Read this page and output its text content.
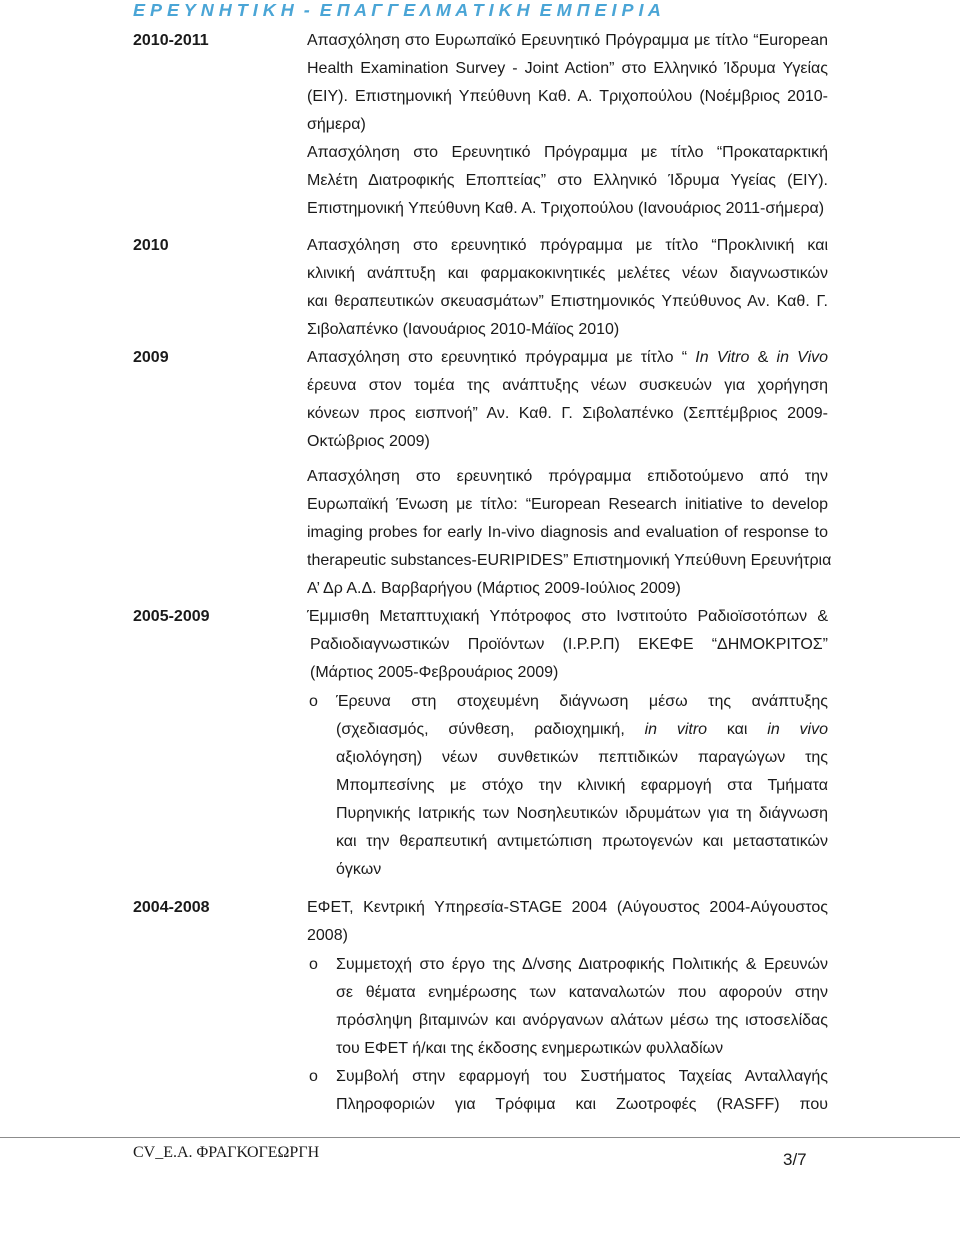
Ε Ρ Ε Υ Ν Η Τ Ι Κ Η  -  Ε Π Α Γ Γ Ε Λ Μ Α Τ Ι Κ Η  Ε Μ Π Ε Ι Ρ Ι Α
2010-2011	Απασχόληση στο Ευρωπαϊκό Ερευνητικό Πρόγραμμα με τίτλο “European
Health Examination Survey - Joint Action” στο Ελληνικό Ίδρυμα Υγείας
(ΕΙΥ). Επιστημονική Υπεύθυνη Καθ. Α. Τριχοπούλου (Νοέμβριος 2010-
σήμερα)
Απασχόληση στο Ερευνητικό Πρόγραμμα με τίτλο “Προκαταρκτική
Μελέτη Διατροφικής Εποπτείας” στο Ελληνικό Ίδρυμα Υγείας (ΕΙΥ).
Επιστημονική Υπεύθυνη Καθ. Α. Τριχοπούλου (Ιανουάριος 2011-σήμερα)
2010	Απασχόληση στο ερευνητικό πρόγραμμα με τίτλο “Προκλινική και
κλινική ανάπτυξη και φαρμακοκινητικές μελέτες νέων διαγνωστικών
και θεραπευτικών σκευασμάτων” Επιστημονικός Υπεύθυνος Αν. Καθ. Γ.
Σιβολαπένκο (Ιανουάριος 2010-Μάϊος 2010)
2009	Απασχόληση στο ερευνητικό πρόγραμμα με τίτλο “ In Vitro & in Vivo
έρευνα στον τομέα της ανάπτυξης νέων συσκευών για χορήγηση
κόνεων προς εισπνοή” Αν. Καθ. Γ. Σιβολαπένκο (Σεπτέμβριος 2009-
Οκτώβριος 2009)
Απασχόληση στο ερευνητικό πρόγραμμα επιδοτούμενο από την
Ευρωπαϊκή Ένωση με τίτλο: “European Research initiative to develop
imaging probes for early In-vivo diagnosis and evaluation of response to
therapeutic substances-EURIPIDES” Επιστημονική Υπεύθυνη Ερευνήτρια
Α’ Δρ Α.Δ. Βαρβαρήγου (Μάρτιος 2009-Ιούλιος 2009)
2005-2009	Έμμισθη Μεταπτυχιακή Υπότροφος στο Ινστιτούτο Ραδιοϊσοτόπων &
Ραδιοδιαγνωστικών Προϊόντων (Ι.Ρ.Ρ.Π) ΕΚΕΦΕ “ΔΗΜΟΚΡΙΤΟΣ”
(Μάρτιος 2005-Φεβρουάριος 2009)
o Έρευνα στη στοχευμένη διάγνωση μέσω της ανάπτυξης
(σχεδιασμός, σύνθεση, ραδιοχημική, in vitro και in vivo
αξιολόγηση) νέων συνθετικών πεπτιδικών παραγώγων της
Μπομπεσίνης με στόχο την κλινική εφαρμογή στα Τμήματα
Πυρηνικής Ιατρικής των Νοσηλευτικών ιδρυμάτων για τη διάγνωση
και την θεραπευτική αντιμετώπιση πρωτογενών και μεταστατικών
όγκων
2004-2008	ΕΦΕΤ, Κεντρική Υπηρεσία-STAGE 2004 (Αύγουστος 2004-Αύγουστος
2008)
o Συμμετοχή στο έργο της Δ/νσης Διατροφικής Πολιτικής & Ερευνών
σε θέματα ενημέρωσης των καταναλωτών που αφορούν στην
πρόσληψη βιταμινών και ανόργανων αλάτων μέσω της ιστοσελίδας
του ΕΦΕΤ ή/και της έκδοσης ενημερωτικών φυλλαδίων
o Συμβολή στην εφαρμογή του Συστήματος Ταχείας Ανταλλαγής
Πληροφοριών για Τρόφιμα και Ζωοτροφές (RASFF) που
CV_Ε.Α. ΦΡΑΓΚΟΓΕΩΡΓΗ	3/7
